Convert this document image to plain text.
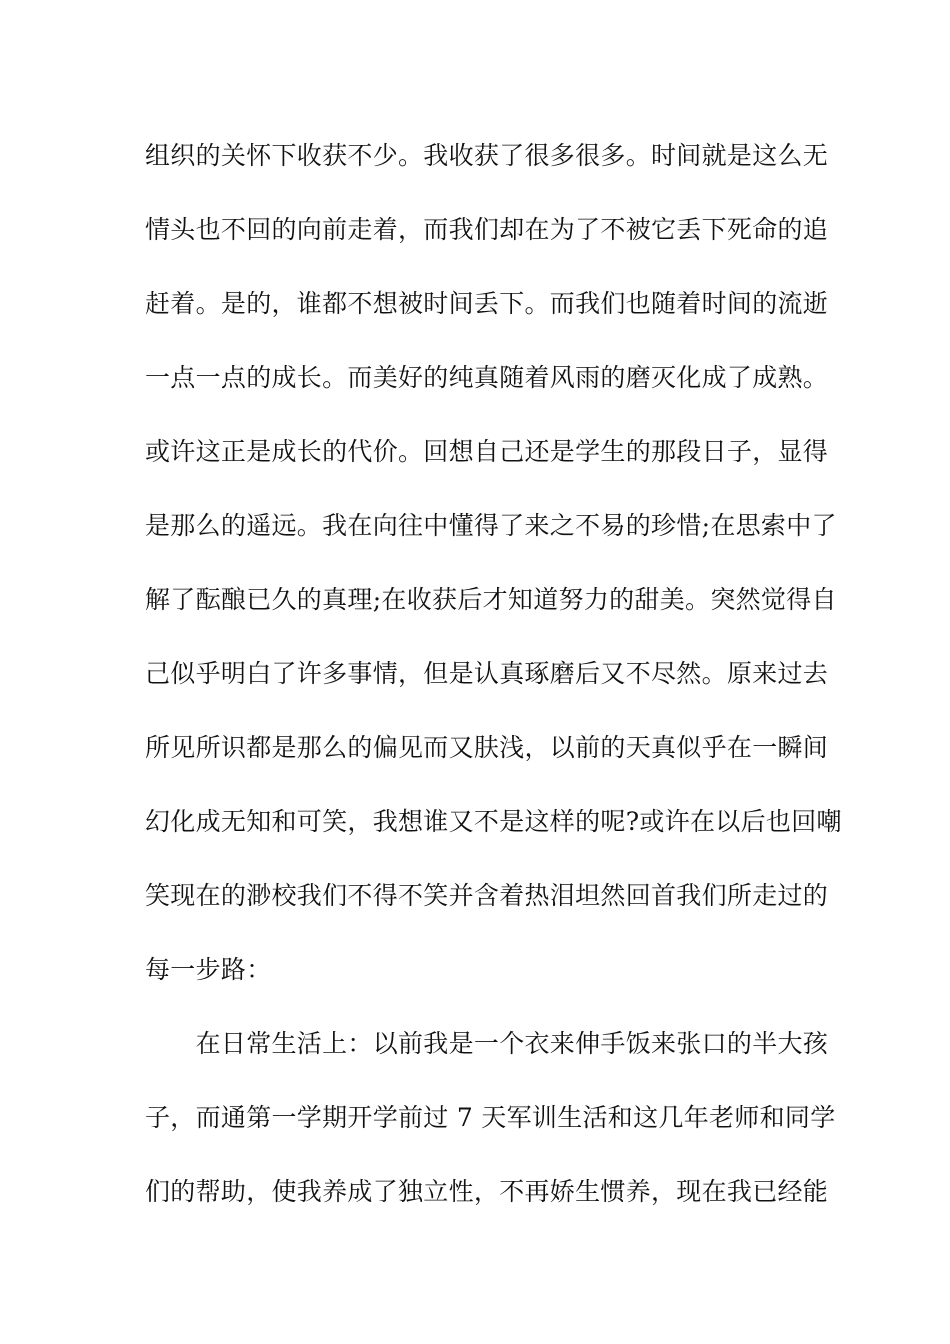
组织的关怀下收获不少。我收获了很多很多。时间就是这么无
情头也不回的向前走着，而我们却在为了不被它丢下死命的追
赶着。是的，谁都不想被时间丢下。而我们也随着时间的流逝
一点一点的成长。而美好的纯真随着风雨的磨灭化成了成熟。
或许这正是成长的代价。回想自己还是学生的那段日子，显得
是那么的遥远。我在向往中懂得了来之不易的珍惜;在思索中了
解了酝酿已久的真理;在收获后才知道努力的甜美。突然觉得自
己似乎明白了许多事情，但是认真琢磨后又不尽然。原来过去
所见所识都是那么的偏见而又肤浅，以前的天真似乎在一瞬间
幻化成无知和可笑，我想谁又不是这样的呢?或许在以后也回嘲
笑现在的渺校我们不得不笑并含着热泪坦然回首我们所走过的
每一步路：
　　在日常生活上：以前我是一个衣来伸手饭来张口的半大孩
子，而通第一学期开学前过 7 天军训生活和这几年老师和同学
们的帮助，使我养成了独立性，不再娇生惯养，现在我已经能
